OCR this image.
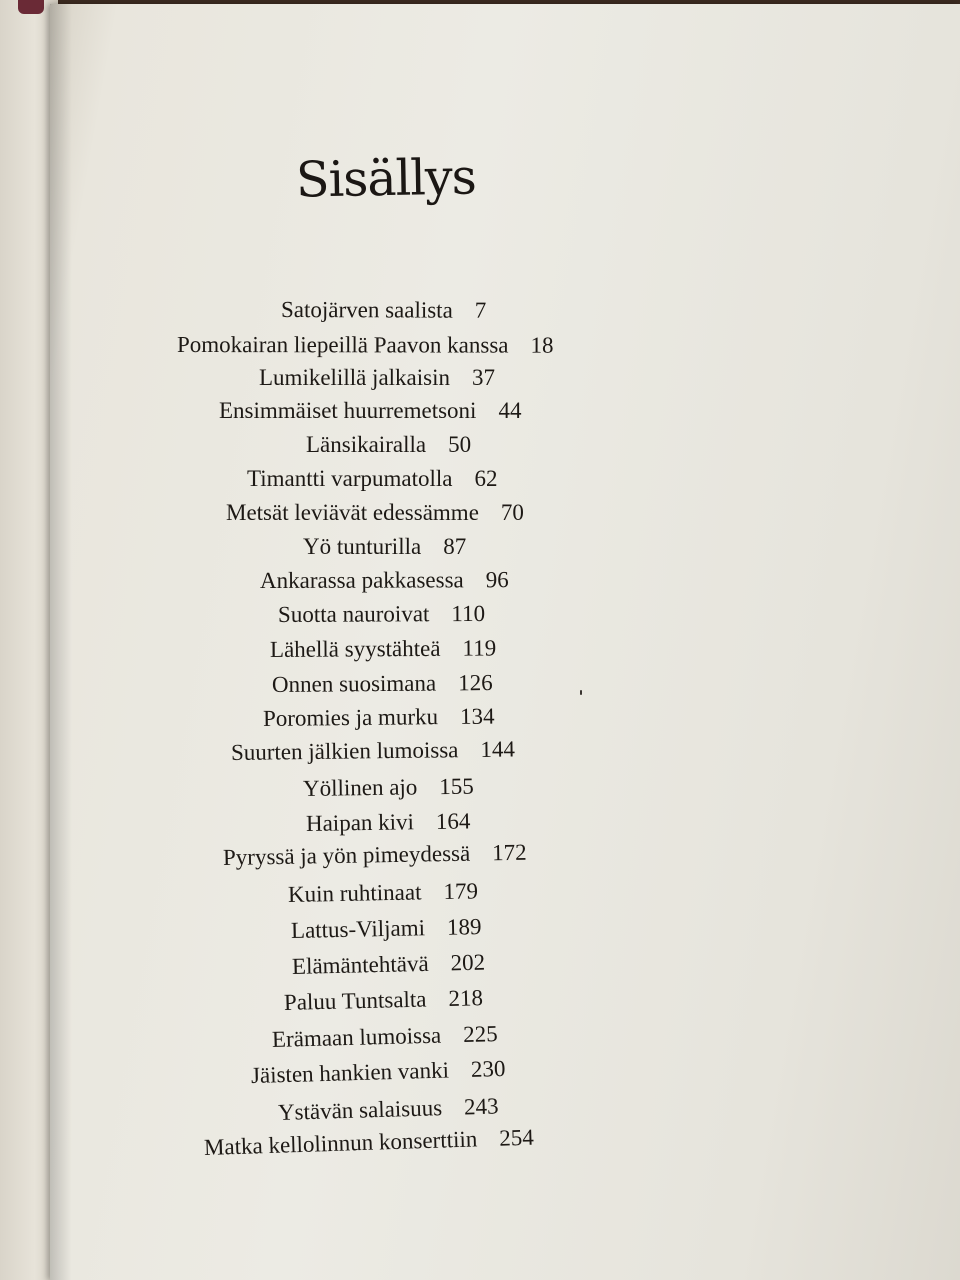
Sisällys
Satojärven saalista 7
Pomokairan liepeillä Paavon kanssa 18
Lumikelillä jalkaisin 37
Ensimmäiset huurremetsoni 44
Länsikairalla 50
Timantti varpumatolla 62
Metsät leviävät edessämme 70
Yö tunturilla 87
Ankarassa pakkasessa 96
Suotta nauroivat 110
Lähellä syystähteä 119
Onnen suosimana 126
Poromies ja murku 134
Suurten jälkien lumoissa 144
Yöllinen ajo 155
Haipan kivi 164
Pyryssä ja yön pimeydessä 172
Kuin ruhtinaat 179
Lattus-Viljami 189
Elämäntehtävä 202
Paluu Tuntsalta 218
Erämaan lumoissa 225
Jäisten hankien vanki 230
Ystävän salaisuus 243
Matka kellolinnun konserttiin 254
